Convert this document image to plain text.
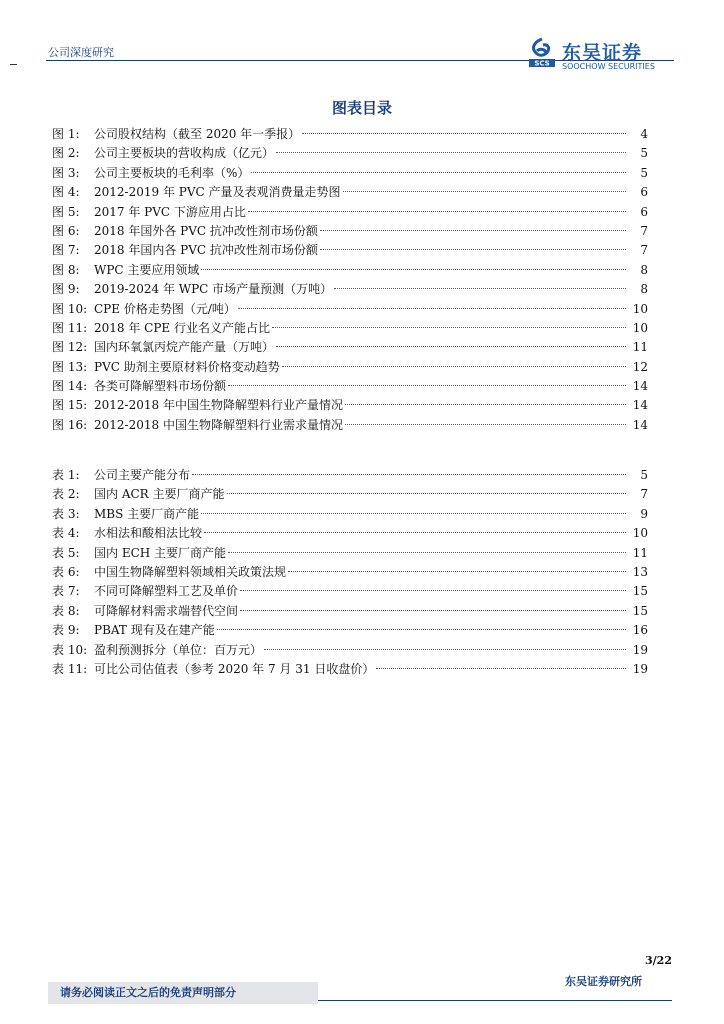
公司深度研究
SCS 东吴证券
SOOCHOW SECURITIES
图表目录
图 1:	公司股权结构（截至 2020 年一季报）	4
图 2:	公司主要板块的营收构成（亿元）	5
图 3:	公司主要板块的毛利率（%）	5
图 4:	2012-2019 年 PVC 产量及表观消费量走势图	6
图 5:	2017 年 PVC 下游应用占比	6
图 6:	2018 年国外各 PVC 抗冲改性剂市场份额	7
图 7:	2018 年国内各 PVC 抗冲改性剂市场份额	7
图 8:	WPC 主要应用领域	8
图 9:	2019-2024 年 WPC 市场产量预测（万吨）	8
图 10: CPE 价格走势图（元/吨）	10
图 11: 2018 年 CPE 行业名义产能占比	10
图 12: 国内环氧氯丙烷产能产量（万吨）	11
图 13: PVC 助剂主要原材料价格变动趋势	12
图 14: 各类可降解塑料市场份额	14
图 15: 2012-2018 年中国生物降解塑料行业产量情况	14
图 16: 2012-2018 中国生物降解塑料行业需求量情况	14
表 1:	公司主要产能分布	5
表 2:	国内 ACR 主要厂商产能	7
表 3:	MBS 主要厂商产能	9
表 4:	水相法和酸相法比较	10
表 5:	国内 ECH 主要厂商产能	11
表 6:	中国生物降解塑料领域相关政策法规	13
表 7:	不同可降解塑料工艺及单价	15
表 8:	可降解材料需求端替代空间	15
表 9:	PBAT 现有及在建产能	16
表 10: 盈利预测拆分（单位：百万元）	19
表 11: 可比公司估值表（参考 2020 年 7 月 31 日收盘价）	19
3/22
东吴证券研究所
请务必阅读正文之后的免责声明部分
